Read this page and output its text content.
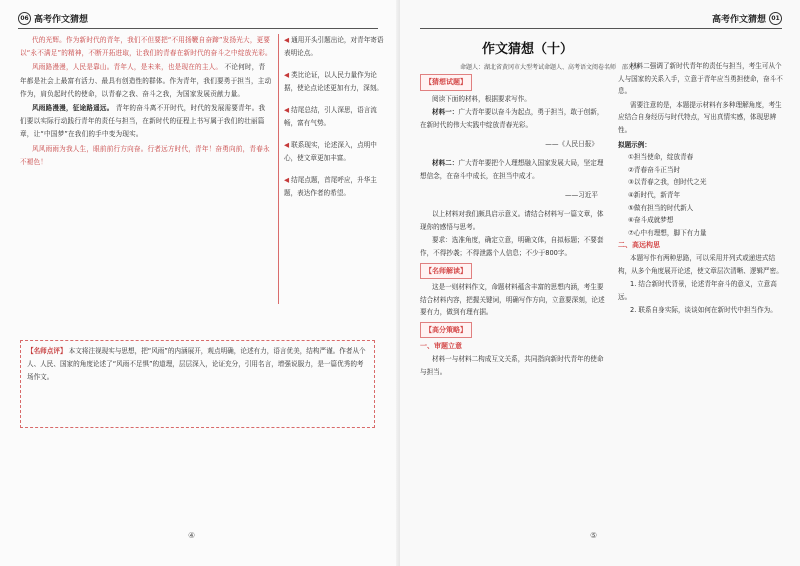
06 高考作文猜想

代的光辉。作为新时代的青年，我们不但要把“不用扬鞭自奋蹄”发扬光大，更要以“永不满足”的精神，不断开拓进取，让我们的青春在新时代的奋斗之中绽放光彩。

风雨路漫漫，人民是靠山。青年人，是未来，也是现在的主人。 不论何时，青年都是社会上最富有活力、最具有创造性的群体。作为青年，我们要勇于担当，主动作为，肩负起时代的使命，以青春之我、奋斗之我，为国家发展贡献力量。

风雨路漫漫，征途路遥远。 青年的奋斗离不开时代，时代的发展需要青年。我们要以实际行动践行青年的责任与担当，在新时代的征程上书写属于我们的壮丽篇章，让“中国梦”在我们的手中变为现实。

风风雨雨为我人生，眼前前行方向奋。行者远方时代，青年！奋勇向前，青春永不褪色！

◀ 通用开头引题出论，对青年寄语表明论点。
◀ 类比论证，以人民力量作为论据，使论点论述更加有力，深刻。
◀ 结尾总结，引人深思，语言流畅，富有气势。
◀ 联系现实，论述深入，点明中心，使文章更加丰富。
◀ 结尾点题，首尾呼应，升华主题，表达作者的希望。
【名师点评】 本文将注视现实与思想，把“风雨”的内涵展开，观点明确，论述有力，语言优美，结构严谨。作者从个人、人民、国家的角度论述了“风雨不足惧”的道理，层层深入，论证充分，引用名言，增强说服力，是一篇优秀的考场作文。
④
高考作文猜想 01
作文猜想（十）
命题人：湖北省黄冈市大型考试命题人、高考语文阅卷名师　邵光华
【猜想试题】

阅读下面的材料，根据要求写作。

材料一：广大青年要以奋斗为起点，勇于担当，敢于创新，在新时代的伟大实践中绽放青春光彩。

——《人民日报》

材料二：广大青年要把个人理想融入国家发展大局，坚定理想信念，在奋斗中成长，在担当中成才。

——习近平

以上材料对我们颇具启示意义。请结合材料写一篇文章，体现你的感悟与思考。

要求：选准角度，确定立意，明确文体，自拟标题；不要套作，不得抄袭；不得泄露个人信息；不少于800字。

【名师解读】

这是一则材料作文，命题材料蕴含丰富的思想内涵，考生要结合材料内容，把握关键词，明确写作方向，立意要深刻，论述要有力，做到有理有据。

【高分策略】
一、审题立意

材料一与材料二构成互文关系，共同指向新时代青年的使命与担当。

材料二强调了新时代青年的责任与担当，考生可从个人与国家的关系入手，立意于青年应当勇担使命，奋斗不息。

需要注意的是，本题提示材料有多种理解角度，考生应结合自身经历与时代特点，写出真情实感，体现思辨性。

拟题示例：

①担当使命，绽放青春

②青春奋斗正当时

③以青春之我，创时代之光

④新时代，新青年

⑤做有担当的时代新人

⑥奋斗成就梦想

⑦心中有理想，脚下有力量

二、高远构思

本题写作有两种思路，可以采用并列式或递进式结构，从多个角度展开论述，使文章层次清晰、逻辑严密。

1. 结合新时代背景，论述青年奋斗的意义，立意高远。

2. 联系自身实际，谈谈如何在新时代中担当作为。

⑤
